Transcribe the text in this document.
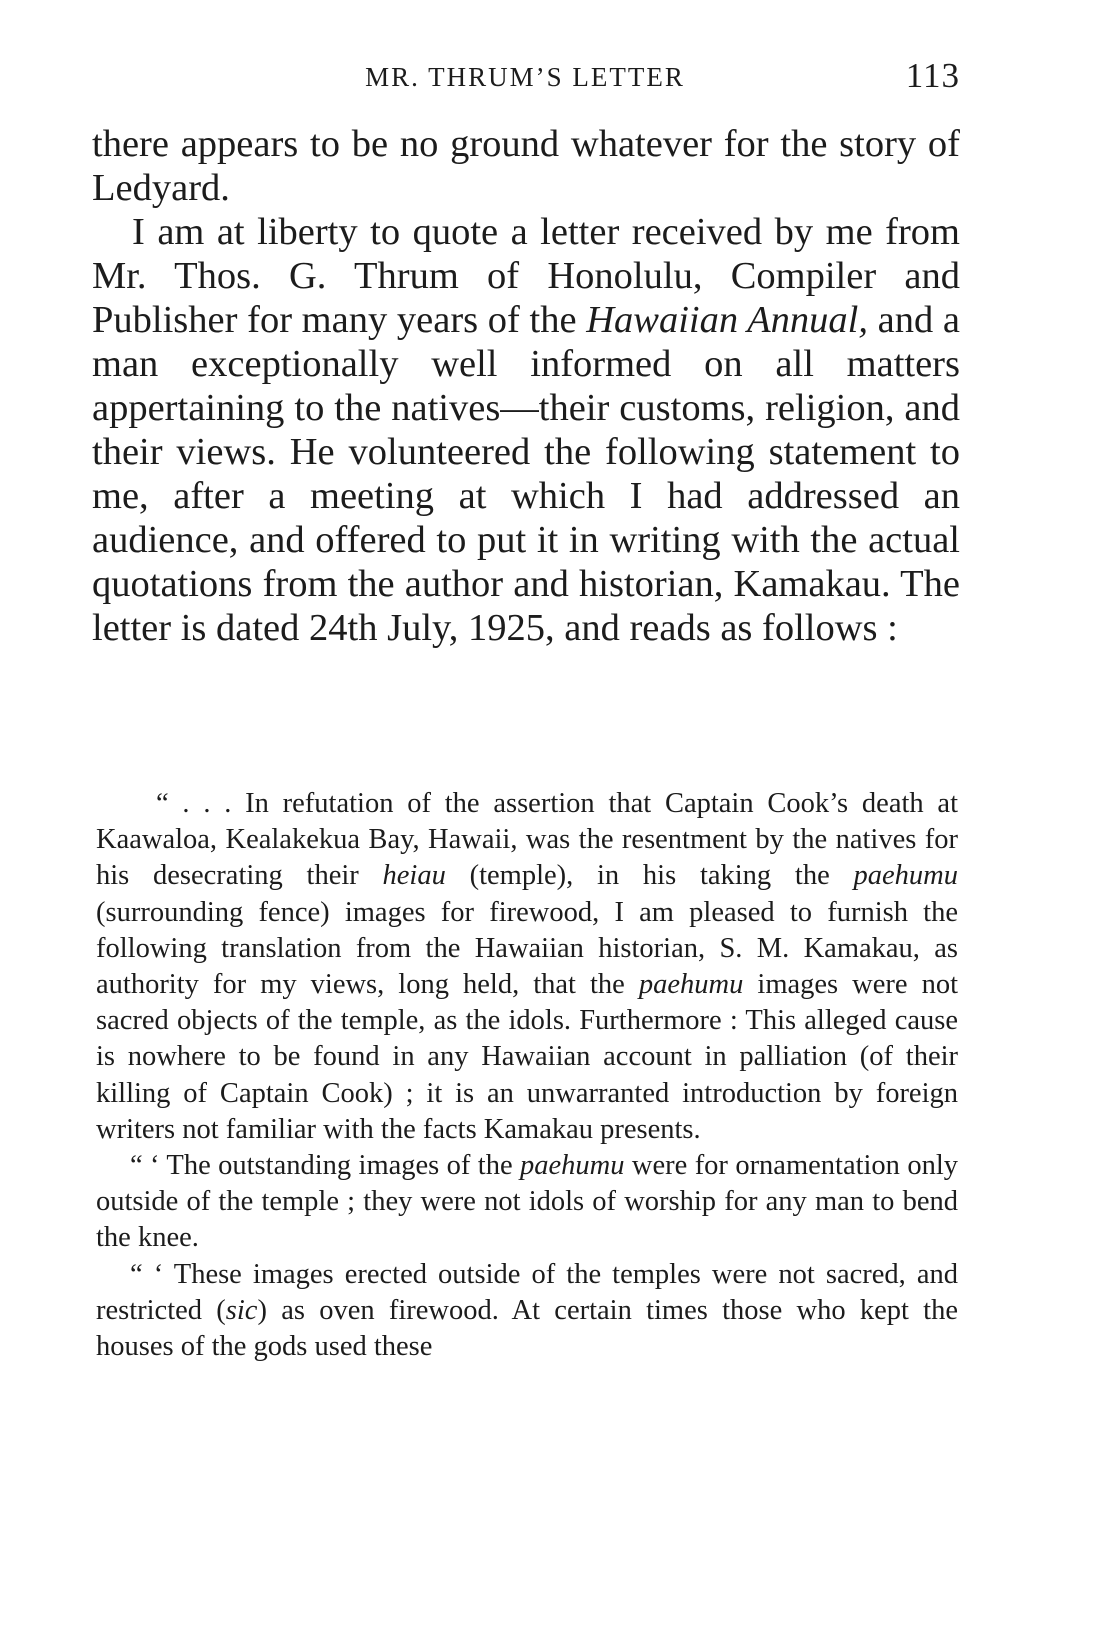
MR. THRUM’S LETTER	113

there appears to be no ground whatever for the story of Ledyard.

I am at liberty to quote a letter received by me from Mr. Thos. G. Thrum of Honolulu, Compiler and Publisher for many years of the Hawaiian Annual, and a man exceptionally well informed on all matters appertaining to the natives—their customs, religion, and their views. He volunteered the following statement to me, after a meeting at which I had addressed an audience, and offered to put it in writing with the actual quotations from the author and historian, Kamakau. The letter is dated 24th July, 1925, and reads as follows :

“ . . . In refutation of the assertion that Captain Cook’s death at Kaawaloa, Kealakekua Bay, Hawaii, was the resentment by the natives for his desecrating their heiau (temple), in his taking the paehumu (surrounding fence) images for firewood, I am pleased to furnish the following translation from the Hawaiian historian, S. M. Kamakau, as authority for my views, long held, that the paehumu images were not sacred objects of the temple, as the idols. Furthermore : This alleged cause is nowhere to be found in any Hawaiian account in palliation (of their killing of Captain Cook) ; it is an unwarranted introduction by foreign writers not familiar with the facts Kamakau presents.

“ ‘ The outstanding images of the paehumu were for ornamentation only outside of the temple ; they were not idols of worship for any man to bend the knee.

“ ‘ These images erected outside of the temples were not sacred, and restricted (sic) as oven firewood. At certain times those who kept the houses of the gods used these
